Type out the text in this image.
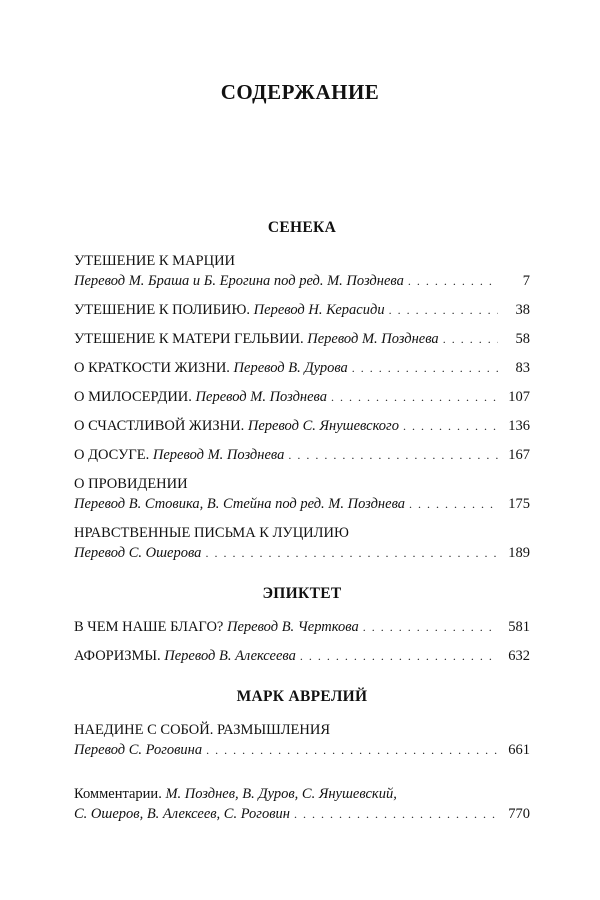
СОДЕРЖАНИЕ
СЕНЕКА
УТЕШЕНИЕ К МАРЦИИ
Перевод М. Браша и Б. Ерогина под ред. М. Позднева . . .	7
УТЕШЕНИЕ К ПОЛИБИЮ. Перевод Н. Керасиди . . .	38
УТЕШЕНИЕ К МАТЕРИ ГЕЛЬВИИ. Перевод М. Позднева . . .	58
О КРАТКОСТИ ЖИЗНИ. Перевод В. Дурова . . .	83
О МИЛОСЕРДИИ. Перевод М. Позднева . . .	107
О СЧАСТЛИВОЙ ЖИЗНИ. Перевод С. Янушевского . . .	136
О ДОСУГЕ. Перевод М. Позднева . . .	167
О ПРОВИДЕНИИ
Перевод В. Стовика, В. Стейна под ред. М. Позднева . . .	175
НРАВСТВЕННЫЕ ПИСЬМА К ЛУЦИЛИЮ
Перевод С. Ошерова . . .	189
ЭПИКТЕТ
В ЧЕМ НАШЕ БЛАГО? Перевод В. Черткова . . .	581
АФОРИЗМЫ. Перевод В. Алексеева . . .	632
МАРК АВРЕЛИЙ
НАЕДИНЕ С СОБОЙ. РАЗМЫШЛЕНИЯ
Перевод С. Роговина . . .	661
Комментарии. М. Позднев, В. Дуров, С. Янушевский,
С. Ошеров, В. Алексеев, С. Роговин . . .	770
